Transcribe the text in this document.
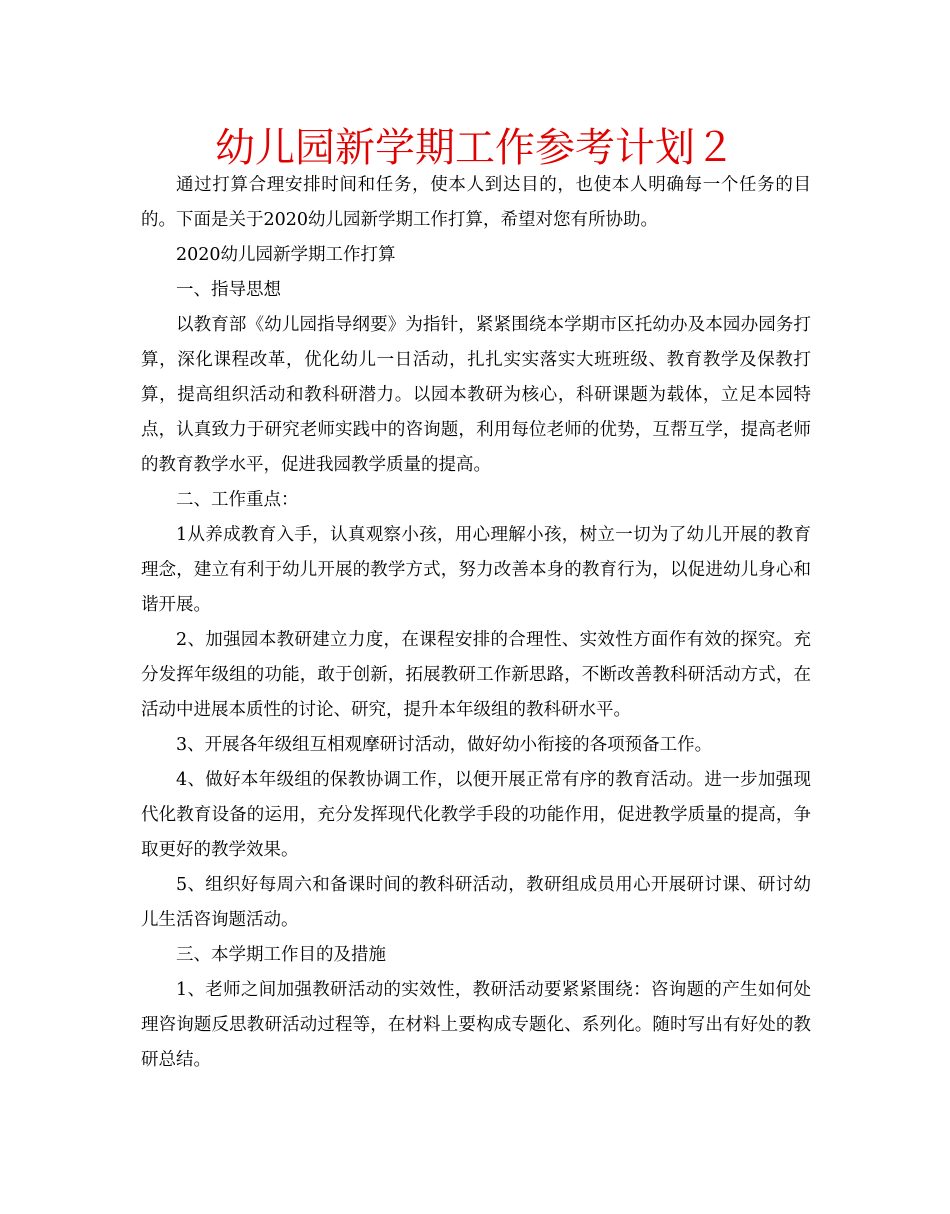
幼儿园新学期工作参考计划２

通过打算合理安排时间和任务，使本人到达目的，也使本人明确每一个任务的目的。下面是关于2020幼儿园新学期工作打算，希望对您有所协助。

2020幼儿园新学期工作打算

一、指导思想

以教育部《幼儿园指导纲要》为指针，紧紧围绕本学期市区托幼办及本园办园务打算，深化课程改革，优化幼儿一日活动，扎扎实实落实大班班级、教育教学及保教打算，提高组织活动和教科研潜力。以园本教研为核心，科研课题为载体，立足本园特点，认真致力于研究老师实践中的咨询题，利用每位老师的优势，互帮互学，提高老师的教育教学水平，促进我园教学质量的提高。

二、工作重点：

1从养成教育入手，认真观察小孩，用心理解小孩，树立一切为了幼儿开展的教育理念，建立有利于幼儿开展的教学方式，努力改善本身的教育行为，以促进幼儿身心和谐开展。

2、加强园本教研建立力度，在课程安排的合理性、实效性方面作有效的探究。充分发挥年级组的功能，敢于创新，拓展教研工作新思路，不断改善教科研活动方式，在活动中进展本质性的讨论、研究，提升本年级组的教科研水平。

3、开展各年级组互相观摩研讨活动，做好幼小衔接的各项预备工作。

4、做好本年级组的保教协调工作，以便开展正常有序的教育活动。进一步加强现代化教育设备的运用，充分发挥现代化教学手段的功能作用，促进教学质量的提高，争取更好的教学效果。

5、组织好每周六和备课时间的教科研活动，教研组成员用心开展研讨课、研讨幼儿生活咨询题活动。

三、本学期工作目的及措施

1、老师之间加强教研活动的实效性，教研活动要紧紧围绕：咨询题的产生如何处理咨询题反思教研活动过程等，在材料上要构成专题化、系列化。随时写出有好处的教研总结。
